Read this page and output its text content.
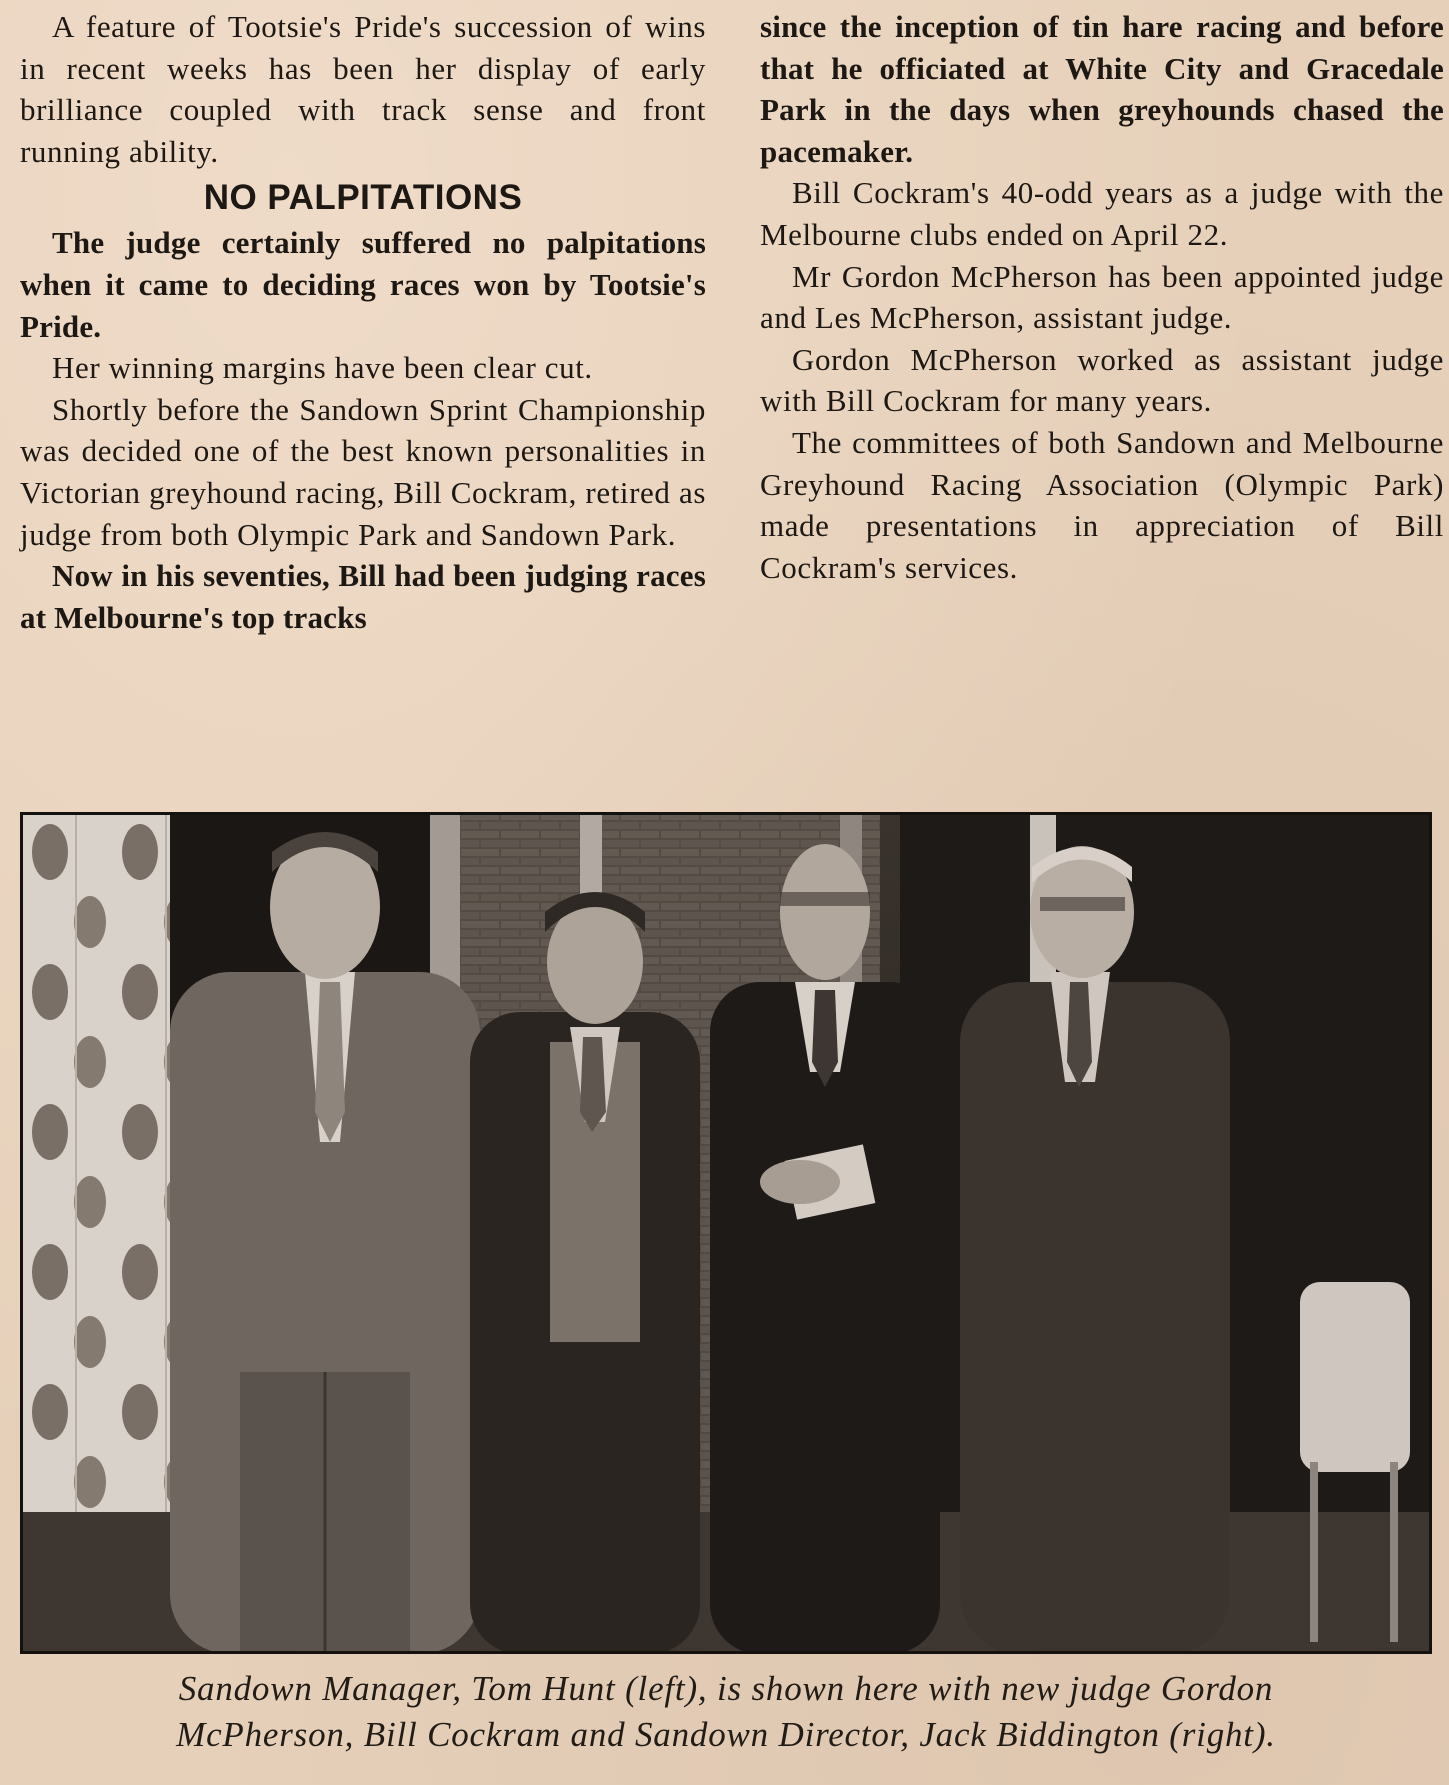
A feature of Tootsie's Pride's succession of wins in recent weeks has been her display of early brilliance coupled with track sense and front running ability.

NO PALPITATIONS

The judge certainly suffered no palpitations when it came to deciding races won by Tootsie's Pride.

Her winning margins have been clear cut.

Shortly before the Sandown Sprint Championship was decided one of the best known personalities in Victorian greyhound racing, Bill Cockram, retired as judge from both Olympic Park and Sandown Park.

Now in his seventies, Bill had been judging races at Melbourne's top tracks

since the inception of tin hare racing and before that he officiated at White City and Gracedale Park in the days when greyhounds chased the pacemaker.

Bill Cockram's 40-odd years as a judge with the Melbourne clubs ended on April 22.

Mr Gordon McPherson has been appointed judge and Les McPherson, assistant judge.

Gordon McPherson worked as assistant judge with Bill Cockram for many years.

The committees of both Sandown and Melbourne Greyhound Racing Association (Olympic Park) made presentations in appreciation of Bill Cockram's services.

Sandown Manager, Tom Hunt (left), is shown here with new judge Gordon
McPherson, Bill Cockram and Sandown Director, Jack Biddington (right).
